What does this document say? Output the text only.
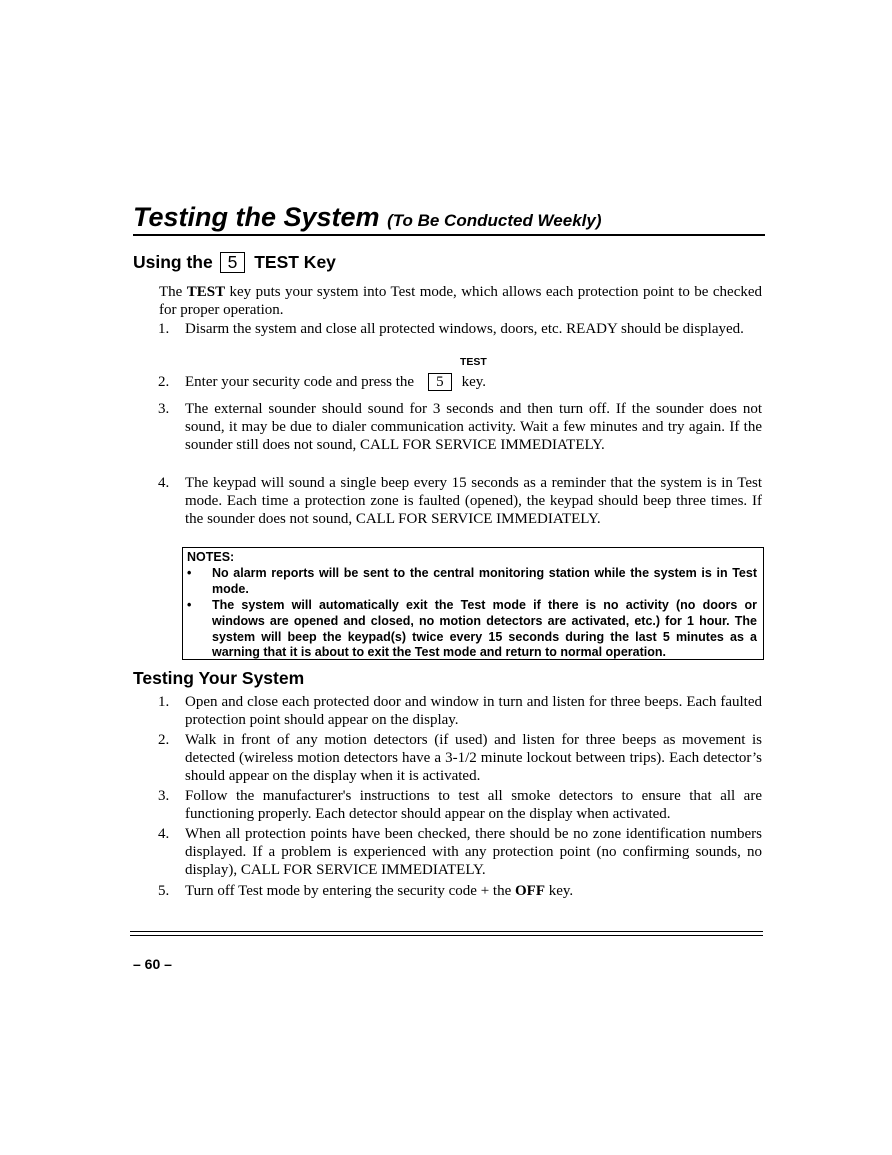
Testing the System (To Be Conducted Weekly)
Using the 5 TEST Key
The TEST key puts your system into Test mode, which allows each protection point to be checked for proper operation.
1.	Disarm the system and close all protected windows, doors, etc. READY should be displayed.
TEST
2.	Enter your security code and press the 5 key.
3.	The external sounder should sound for 3 seconds and then turn off. If the sounder does not sound, it may be due to dialer communication activity. Wait a few minutes and try again. If the sounder still does not sound, CALL FOR SERVICE IMMEDIATELY.
4.	The keypad will sound a single beep every 15 seconds as a reminder that the system is in Test mode. Each time a protection zone is faulted (opened), the keypad should beep three times. If the sounder does not sound, CALL FOR SERVICE IMMEDIATELY.
NOTES:
• No alarm reports will be sent to the central monitoring station while the system is in Test mode.
• The system will automatically exit the Test mode if there is no activity (no doors or windows are opened and closed, no motion detectors are activated, etc.) for 1 hour. The system will beep the keypad(s) twice every 15 seconds during the last 5 minutes as a warning that it is about to exit the Test mode and return to normal operation.
Testing Your System
1.	Open and close each protected door and window in turn and listen for three beeps. Each faulted protection point should appear on the display.
2.	Walk in front of any motion detectors (if used) and listen for three beeps as movement is detected (wireless motion detectors have a 3-1/2 minute lockout between trips). Each detector’s should appear on the display when it is activated.
3.	Follow the manufacturer's instructions to test all smoke detectors to ensure that all are functioning properly. Each detector should appear on the display when activated.
4.	When all protection points have been checked, there should be no zone identification numbers displayed. If a problem is experienced with any protection point (no confirming sounds, no display), CALL FOR SERVICE IMMEDIATELY.
5.	Turn off Test mode by entering the security code + the OFF key.
– 60 –
